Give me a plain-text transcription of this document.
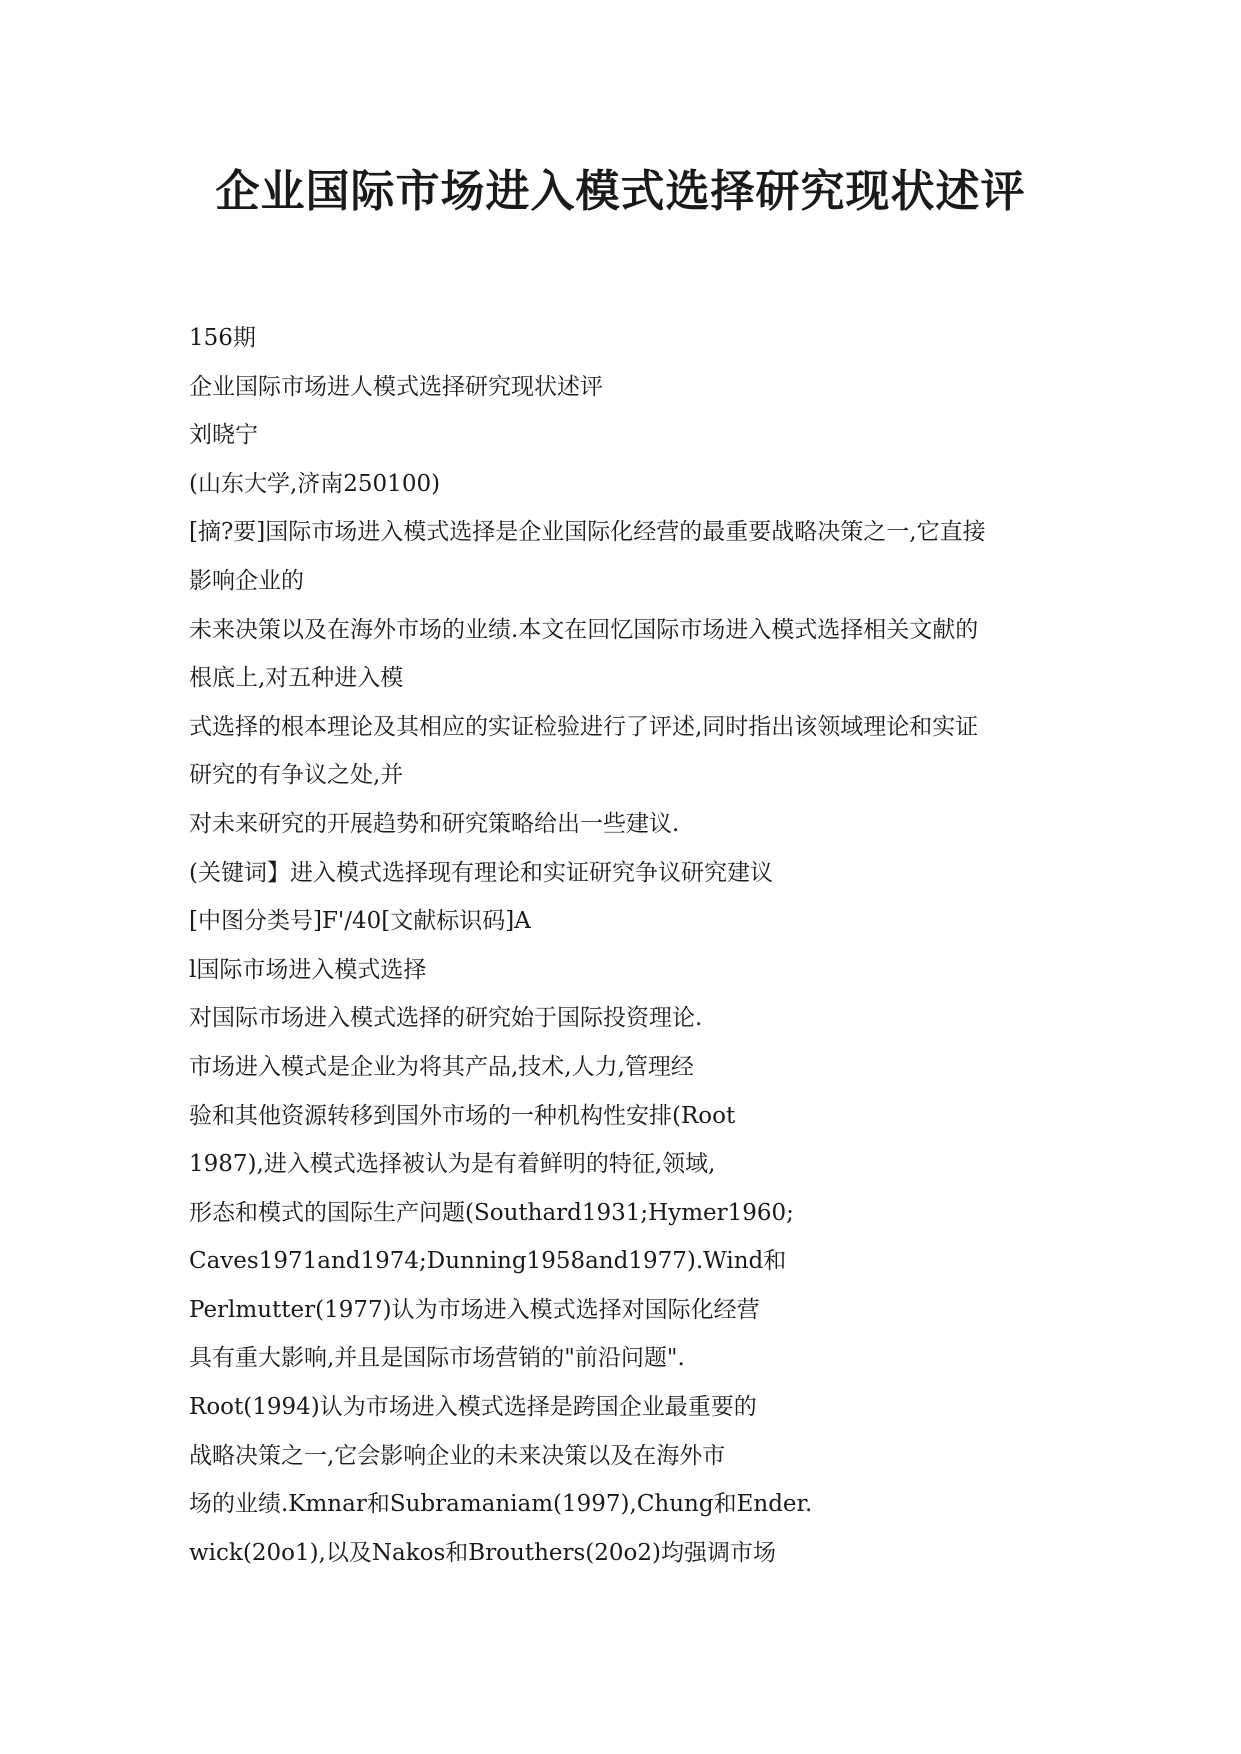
企业国际市场进入模式选择研究现状述评
156期
企业国际市场进人模式选择研究现状述评
刘晓宁
(山东大学,济南250100)
[摘?要]国际市场进入模式选择是企业国际化经营的最重要战略决策之一,它直接
影响企业的
未来决策以及在海外市场的业绩.本文在回忆国际市场进入模式选择相关文献的
根底上,对五种进入模
式选择的根本理论及其相应的实证检验进行了评述,同时指出该领域理论和实证
研究的有争议之处,并
对未来研究的开展趋势和研究策略给出一些建议.
(关键词】进入模式选择现有理论和实证研究争议研究建议
[中图分类号]F'/40[文献标识码]A
l国际市场进入模式选择
对国际市场进入模式选择的研究始于国际投资理论.
市场进入模式是企业为将其产品,技术,人力,管理经
验和其他资源转移到国外市场的一种机构性安排(Root
1987),进入模式选择被认为是有着鲜明的特征,领域,
形态和模式的国际生产问题(Southard1931;Hymer1960;
Caves1971and1974;Dunning1958and1977).Wind和
Perlmutter(1977)认为市场进入模式选择对国际化经营
具有重大影响,并且是国际市场营销的"前沿问题".
Root(1994)认为市场进入模式选择是跨国企业最重要的
战略决策之一,它会影响企业的未来决策以及在海外市
场的业绩.Kmnar和Subramaniam(1997),Chung和Ender.
wick(20o1),以及Nakos和Brouthers(20o2)均强调市场
